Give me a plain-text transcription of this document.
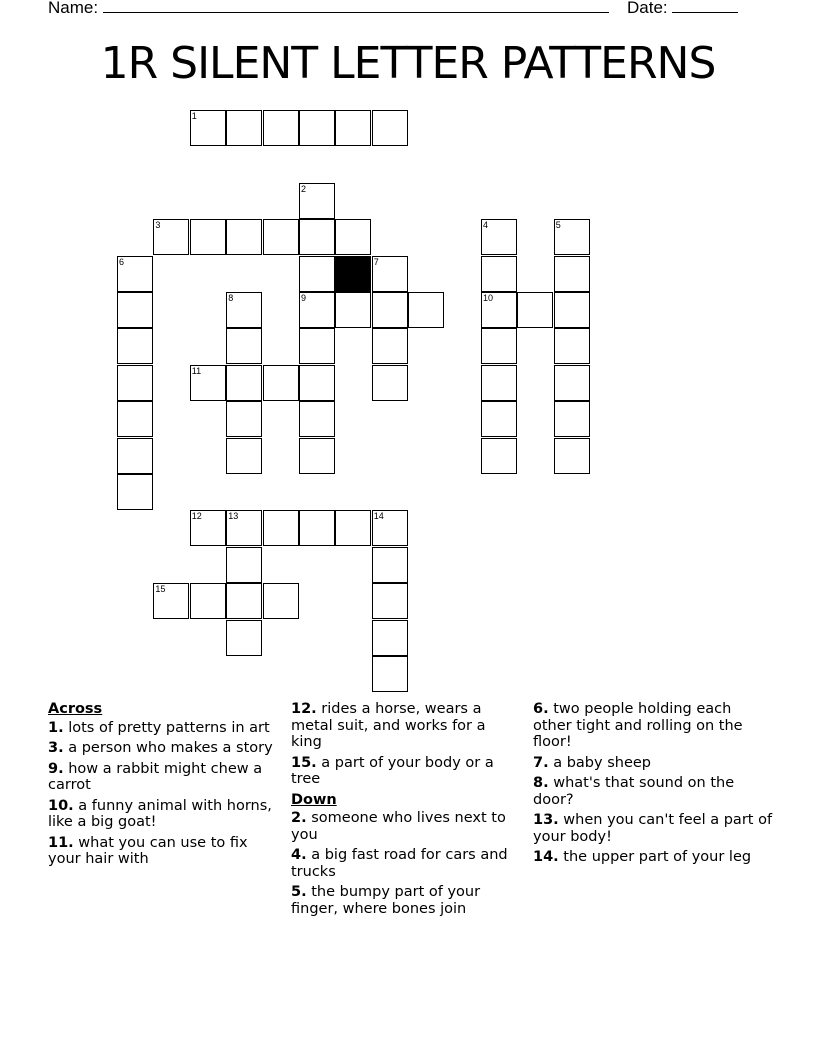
Name:	Date:
1R SILENT LETTER PATTERNS
1
3
9	10
11
12	13	14
15
2
4	5
6	7
8
Across
1. lots of pretty patterns in art
3. a person who makes a story
9. how a rabbit might chew a carrot
10. a funny animal with horns, like a big goat!
11. what you can use to fix your hair with
12. rides a horse, wears a metal suit, and works for a king
15. a part of your body or a tree
Down
2. someone who lives next to you
4. a big fast road for cars and trucks
5. the bumpy part of your finger, where bones join
6. two people holding each other tight and rolling on the floor!
7. a baby sheep
8. what's that sound on the door?
13. when you can't feel a part of your body!
14. the upper part of your leg
